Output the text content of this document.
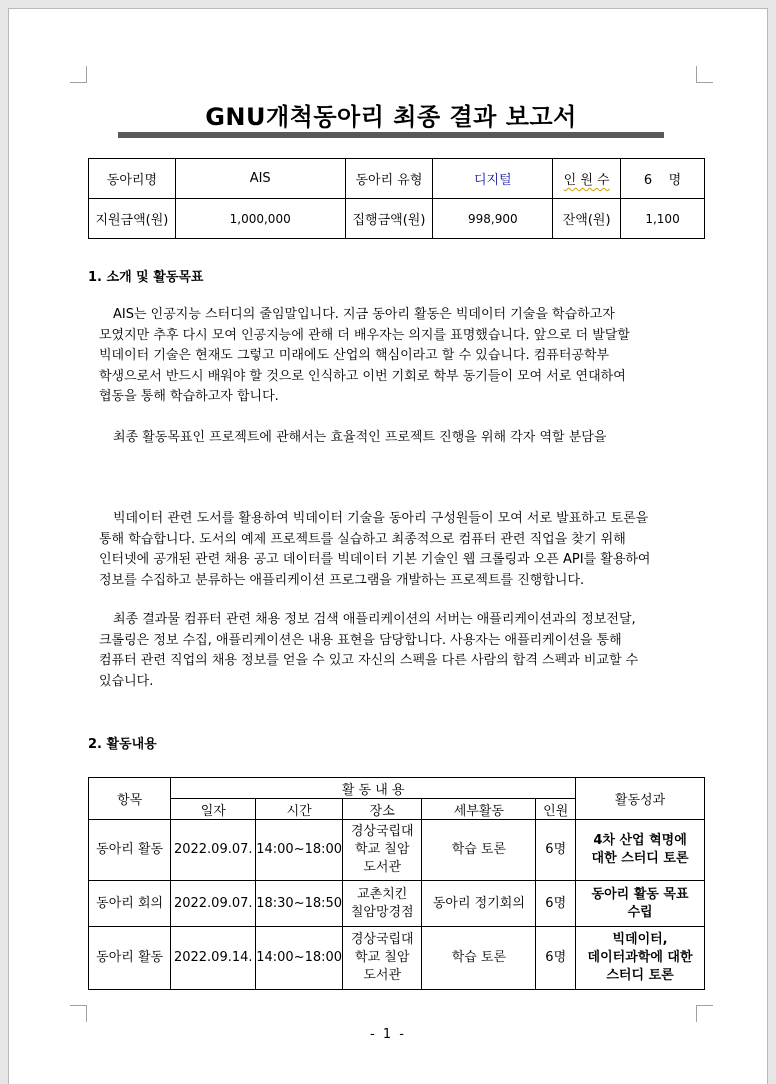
GNU개척동아리 최종 결과 보고서
동아리명	AIS	동아리 유형	디지털	인 원 수	6 명
지원금액(원)	1,000,000	집행금액(원)	998,900	잔액(원)	1,100
1. 소개 및 활동목표

AIS는 인공지능 스터디의 줄임말입니다. 지금 동아리 활동은 빅데이터 기술을 학습하고자

모였지만 추후 다시 모여 인공지능에 관해 더 배우자는 의지를 표명했습니다. 앞으로 더 발달할
빅데이터 기술은 현재도 그렇고 미래에도 산업의 핵심이라고 할 수 있습니다. 컴퓨터공학부
학생으로서 반드시 배워야 할 것으로 인식하고 이번 기회로 학부 동기들이 모여 서로 연대하여
협동을 통해 학습하고자 합니다.

최종 활동목표인 프로젝트에 관해서는 효율적인 프로젝트 진행을 위해 각자 역할 분담을

빅데이터 관련 도서를 활용하여 빅데이터 기술을 동아리 구성원들이 모여 서로 발표하고 토론을

통해 학습합니다. 도서의 예제 프로젝트를 실습하고 최종적으로 컴퓨터 관련 직업을 찾기 위해
인터넷에 공개된 관련 채용 공고 데이터를 빅데이터 기본 기술인 웹 크롤링과 오픈 API를 활용하여
정보를 수집하고 분류하는 애플리케이션 프로그램을 개발하는 프로젝트를 진행합니다.

최종 결과물 컴퓨터 관련 채용 정보 검색 애플리케이션의 서버는 애플리케이션과의 정보전달,

크롤링은 정보 수집, 애플리케이션은 내용 표현을 담당합니다. 사용자는 애플리케이션을 통해
컴퓨터 관련 직업의 채용 정보를 얻을 수 있고 자신의 스펙을 다른 사람의 합격 스펙과 비교할 수
있습니다.
2. 활동내용
항목	활 동 내 용					활동성과
	일자	시간	장소	세부활동	인원	
동아리 활동	2022.09.07.	14:00~18:00	경상국립대
학교 칠암
도서관	학습 토론	6명	4차 산업 혁명에
대한 스터디 토론
동아리 회의	2022.09.07.	18:30~18:50	교촌치킨
칠암망경점	동아리 정기회의	6명	동아리 활동 목표
수립
동아리 활동	2022.09.14.	14:00~18:00	경상국립대
학교 칠암
도서관	학습 토론	6명	빅데이터,
데이터과학에 대한
스터디 토론
- 1 -
